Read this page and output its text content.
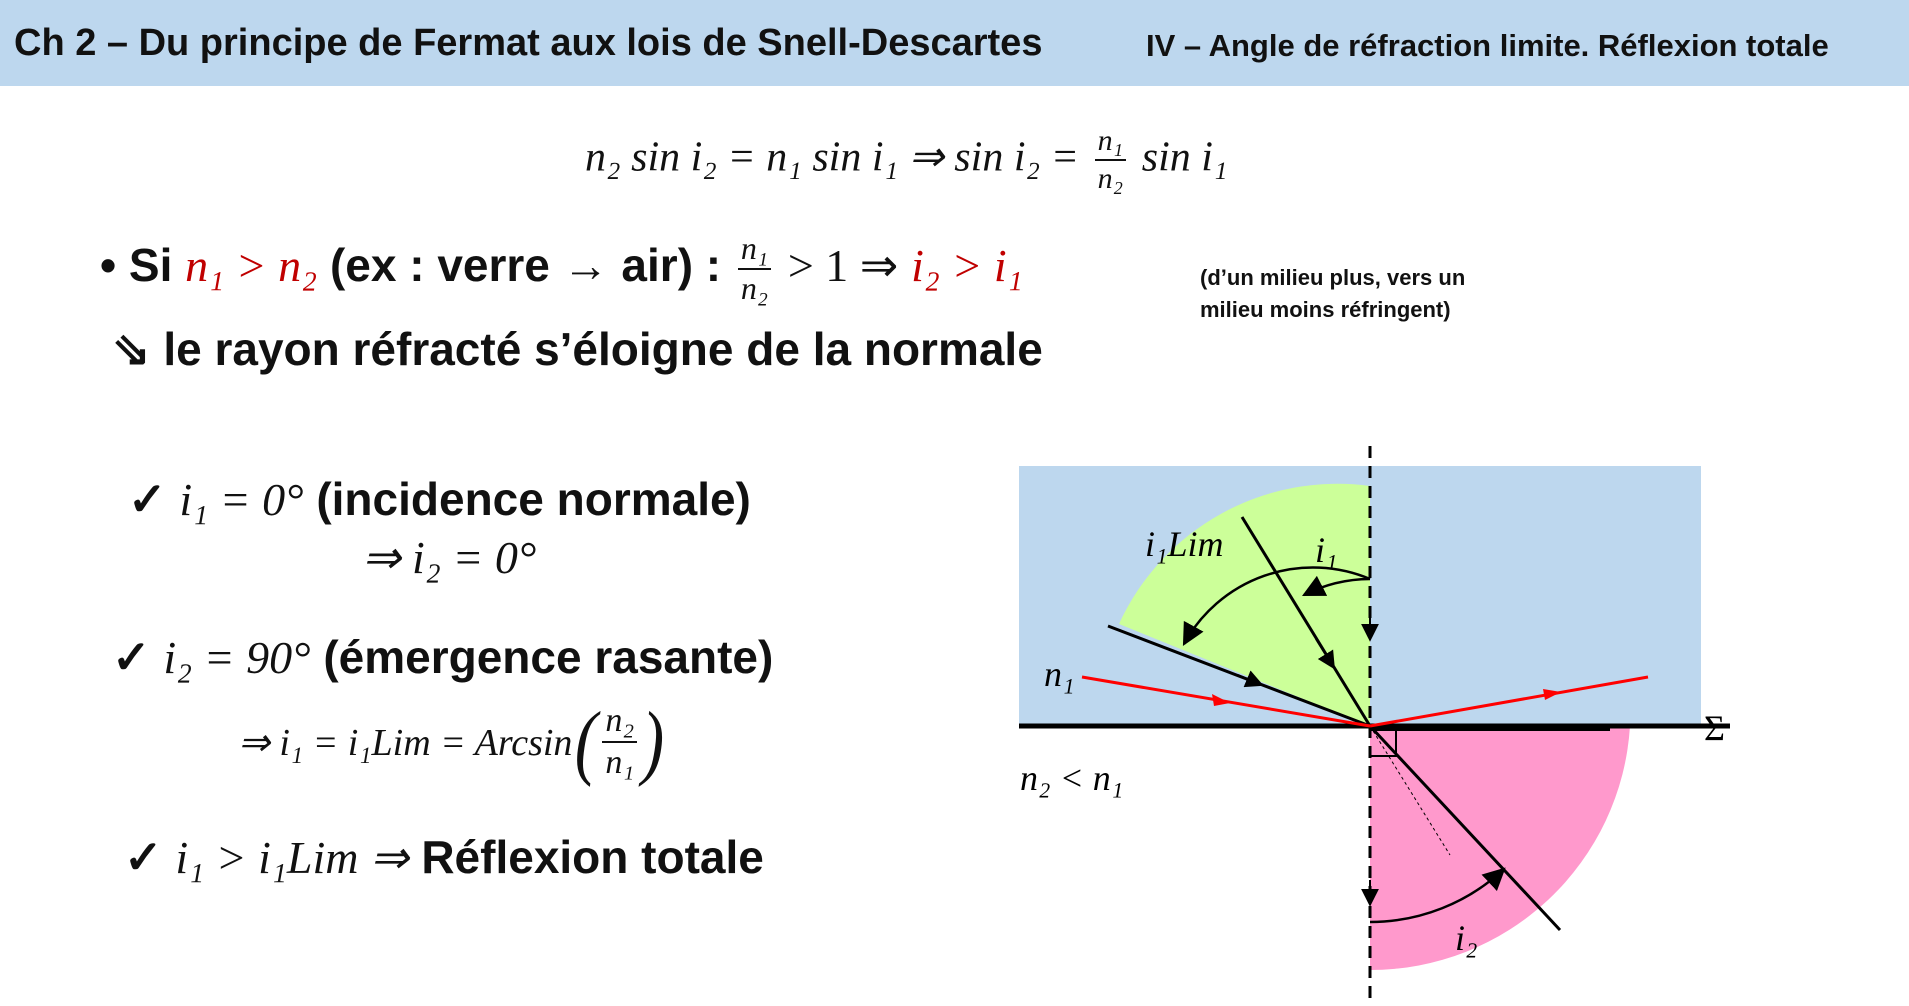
Ch 2 – Du principe de Fermat aux lois de Snell-Descartes	IV – Angle de réfraction limite. Réflexion totale
n₂ sin i₂ = n₁ sin i₁ ⇒ $\sin i_2 = \frac{\text{n₁}}{\text{n₂}}$ sin i₁
• Si n₁ > n₂ (ex : verre → air) : $\frac{\text{n₁}}{\text{n₂}} > 1$ ⇒ i₂ > i₁	(d’un milieu plus, vers un
milieu moins réfringent)
⇘ le rayon réfracté s’éloigne de la normale
✓ i₁ = 0° (incidence normale)
⇒ i₂ = 0°
✓ i₂ = 90° (émergence rasante)
⇒ i₁ = i₁Lim = Arcsin ( $\frac{\text{n₂}}{\text{n₁}}$ )
✓ i₁ > i₁Lim ⇒ Réflexion totale
i₁Lim	i₁
n₁
n₂ < n₁
Σ
i₂
